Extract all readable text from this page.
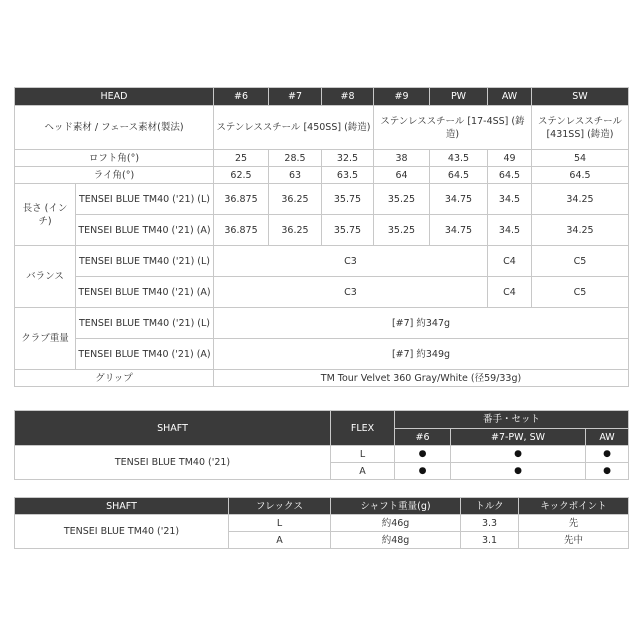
HEAD		#6	#7	#8	#9	PW	AW	SW
ヘッド素材 / フェース素材(製法)		ステンレススチール [450SS] (鋳造)			ステンレススチール [17-4SS] (鋳造)			ステンレススチール [431SS] (鋳造)
ロフト角(°)		25	28.5	32.5	38	43.5	49	54
ライ角(°)		62.5	63	63.5	64	64.5	64.5	64.5
長さ (インチ)	TENSEI BLUE TM40 ('21) (L)	36.875	36.25	35.75	35.25	34.75	34.5	34.25
	TENSEI BLUE TM40 ('21) (A)	36.875	36.25	35.75	35.25	34.75	34.5	34.25
バランス	TENSEI BLUE TM40 ('21) (L)	C3					C4	C5
	TENSEI BLUE TM40 ('21) (A)	C3					C4	C5
クラブ重量	TENSEI BLUE TM40 ('21) (L)	[#7] 約347g						
	TENSEI BLUE TM40 ('21) (A)	[#7] 約349g						
グリップ		TM Tour Velvet 360 Gray/White (径59/33g)						
SHAFT	FLEX	番手・セット		
		#6	#7-PW, SW	AW
TENSEI BLUE TM40 ('21)	L	●	●	●
	A	●	●	●
SHAFT	フレックス	シャフト重量(g)	トルク	キックポイント
TENSEI BLUE TM40 ('21)	L	約46g	3.3	先
	A	約48g	3.1	先中
